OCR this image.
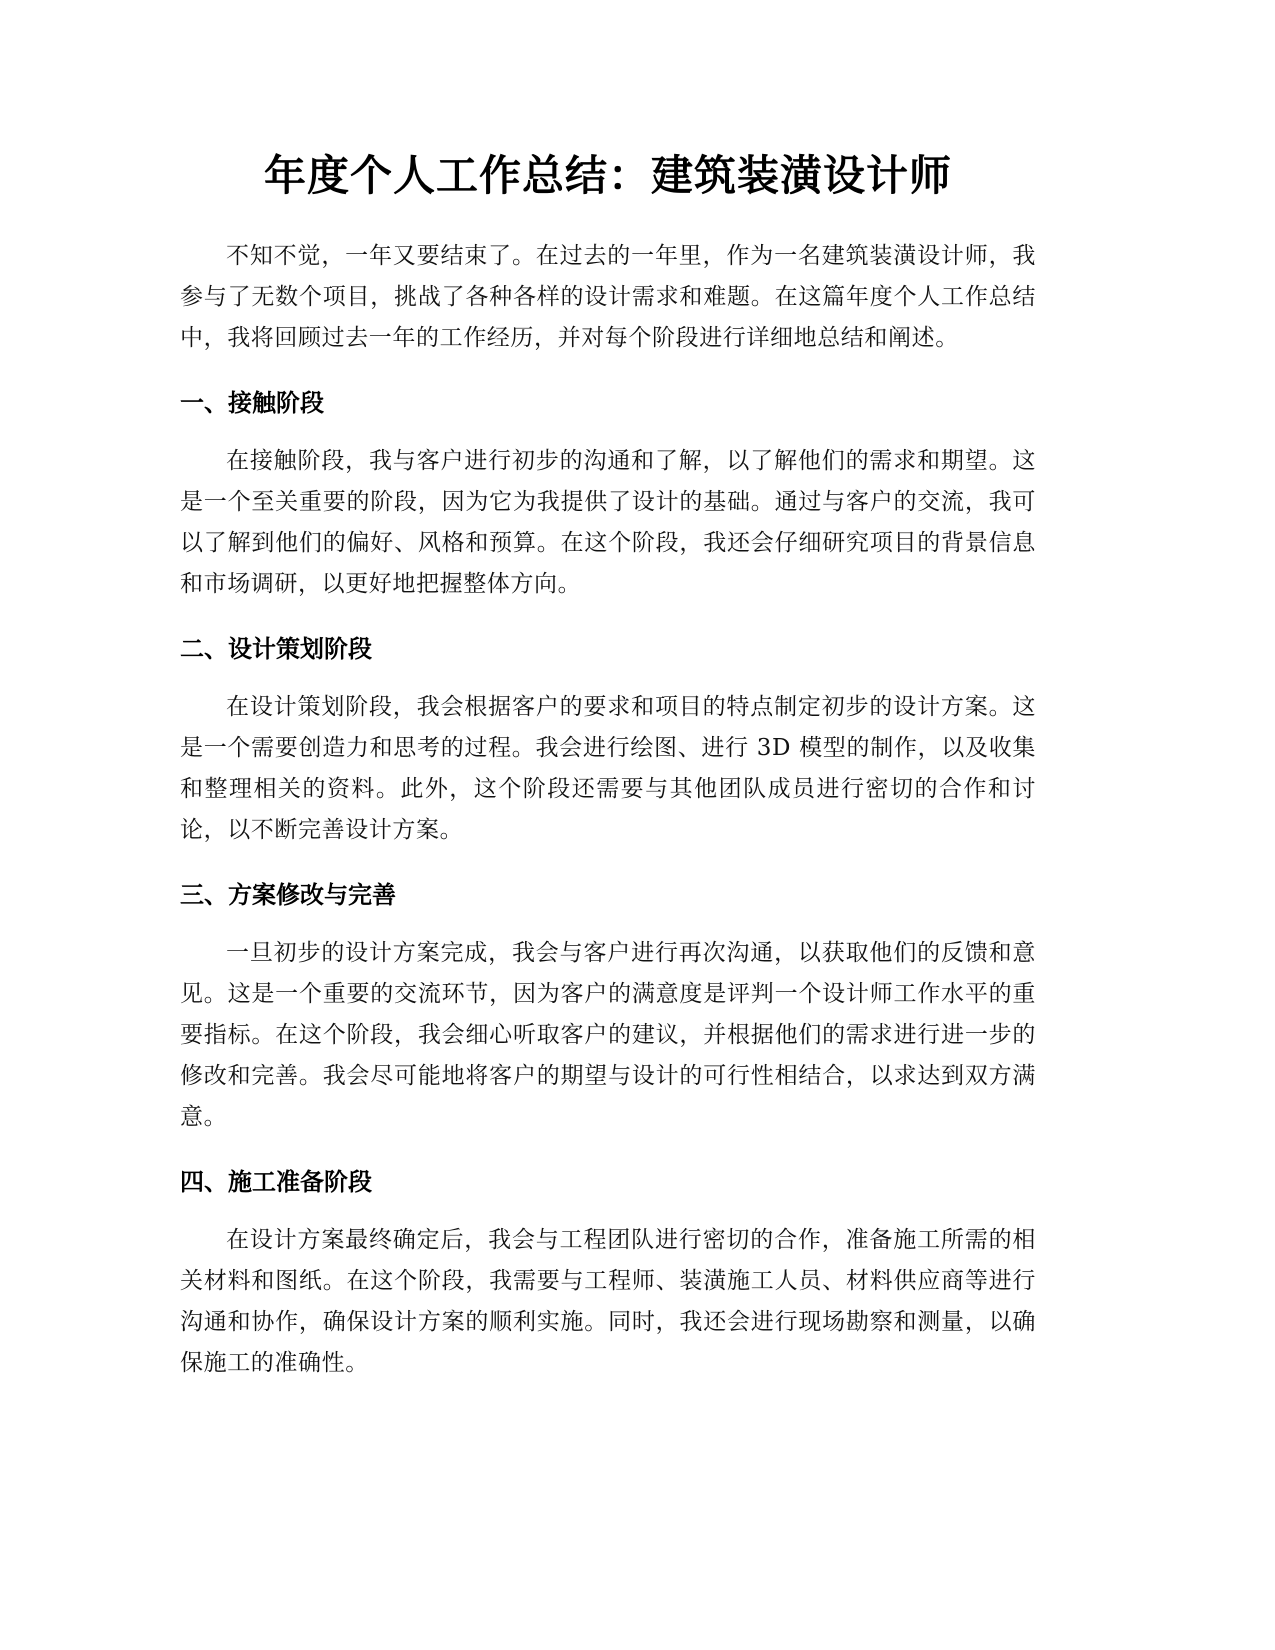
年度个人工作总结：建筑装潢设计师

不知不觉，一年又要结束了。在过去的一年里，作为一名建筑装潢设计师，我参与了无数个项目，挑战了各种各样的设计需求和难题。在这篇年度个人工作总结中，我将回顾过去一年的工作经历，并对每个阶段进行详细地总结和阐述。

一、接触阶段

在接触阶段，我与客户进行初步的沟通和了解，以了解他们的需求和期望。这是一个至关重要的阶段，因为它为我提供了设计的基础。通过与客户的交流，我可以了解到他们的偏好、风格和预算。在这个阶段，我还会仔细研究项目的背景信息和市场调研，以更好地把握整体方向。

二、设计策划阶段

在设计策划阶段，我会根据客户的要求和项目的特点制定初步的设计方案。这是一个需要创造力和思考的过程。我会进行绘图、进行 3D 模型的制作，以及收集和整理相关的资料。此外，这个阶段还需要与其他团队成员进行密切的合作和讨论，以不断完善设计方案。

三、方案修改与完善

一旦初步的设计方案完成，我会与客户进行再次沟通，以获取他们的反馈和意见。这是一个重要的交流环节，因为客户的满意度是评判一个设计师工作水平的重要指标。在这个阶段，我会细心听取客户的建议，并根据他们的需求进行进一步的修改和完善。我会尽可能地将客户的期望与设计的可行性相结合，以求达到双方满意。

四、施工准备阶段

在设计方案最终确定后，我会与工程团队进行密切的合作，准备施工所需的相关材料和图纸。在这个阶段，我需要与工程师、装潢施工人员、材料供应商等进行沟通和协作，确保设计方案的顺利实施。同时，我还会进行现场勘察和测量，以确保施工的准确性。
